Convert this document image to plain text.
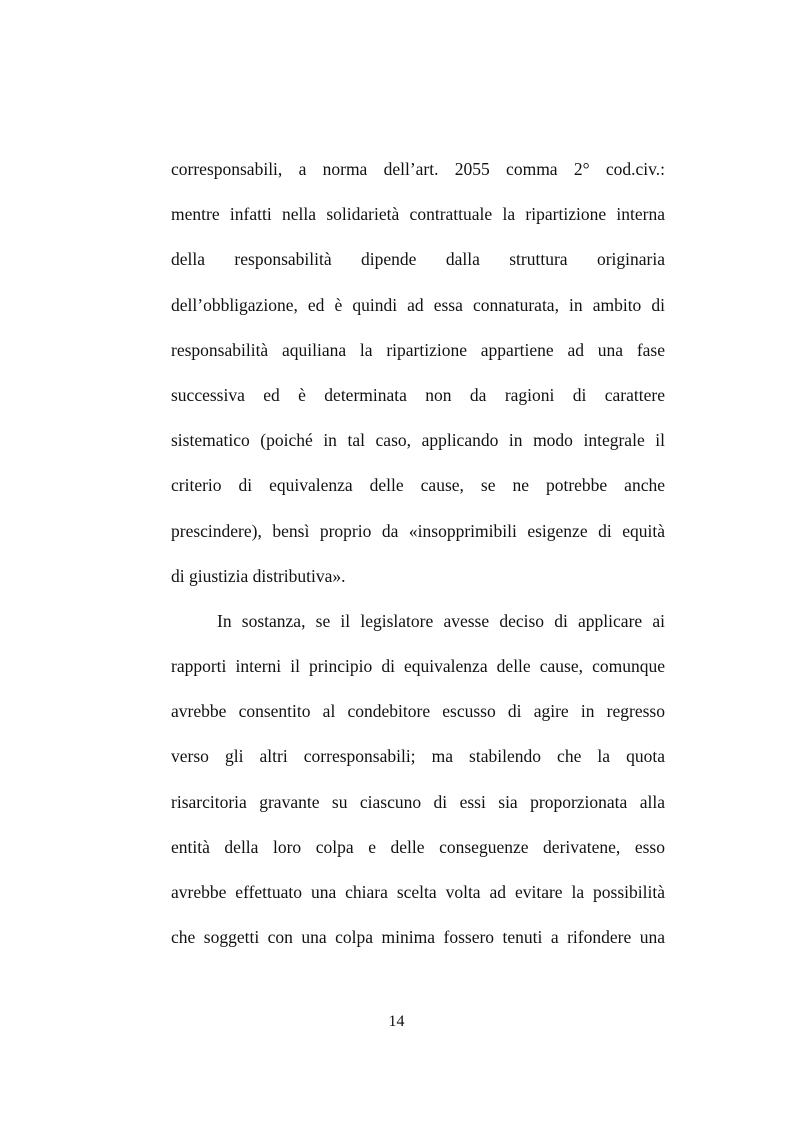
corresponsabili, a norma dell’art. 2055 comma 2° cod.civ.:
mentre infatti nella solidarietà contrattuale la ripartizione interna
della responsabilità dipende dalla struttura originaria
dell’obbligazione, ed è quindi ad essa connaturata, in ambito di
responsabilità aquiliana la ripartizione appartiene ad una fase
successiva ed è determinata non da ragioni di carattere
sistematico (poiché in tal caso, applicando in modo integrale il
criterio di equivalenza delle cause, se ne potrebbe anche
prescindere), bensì proprio da «insopprimibili esigenze di equità
di giustizia distributiva».
In sostanza, se il legislatore avesse deciso di applicare ai
rapporti interni il principio di equivalenza delle cause, comunque
avrebbe consentito al condebitore escusso di agire in regresso
verso gli altri corresponsabili; ma stabilendo che la quota
risarcitoria gravante su ciascuno di essi sia proporzionata alla
entità della loro colpa e delle conseguenze derivatene, esso
avrebbe effettuato una chiara scelta volta ad evitare la possibilità
che soggetti con una colpa minima fossero tenuti a rifondere una
14
